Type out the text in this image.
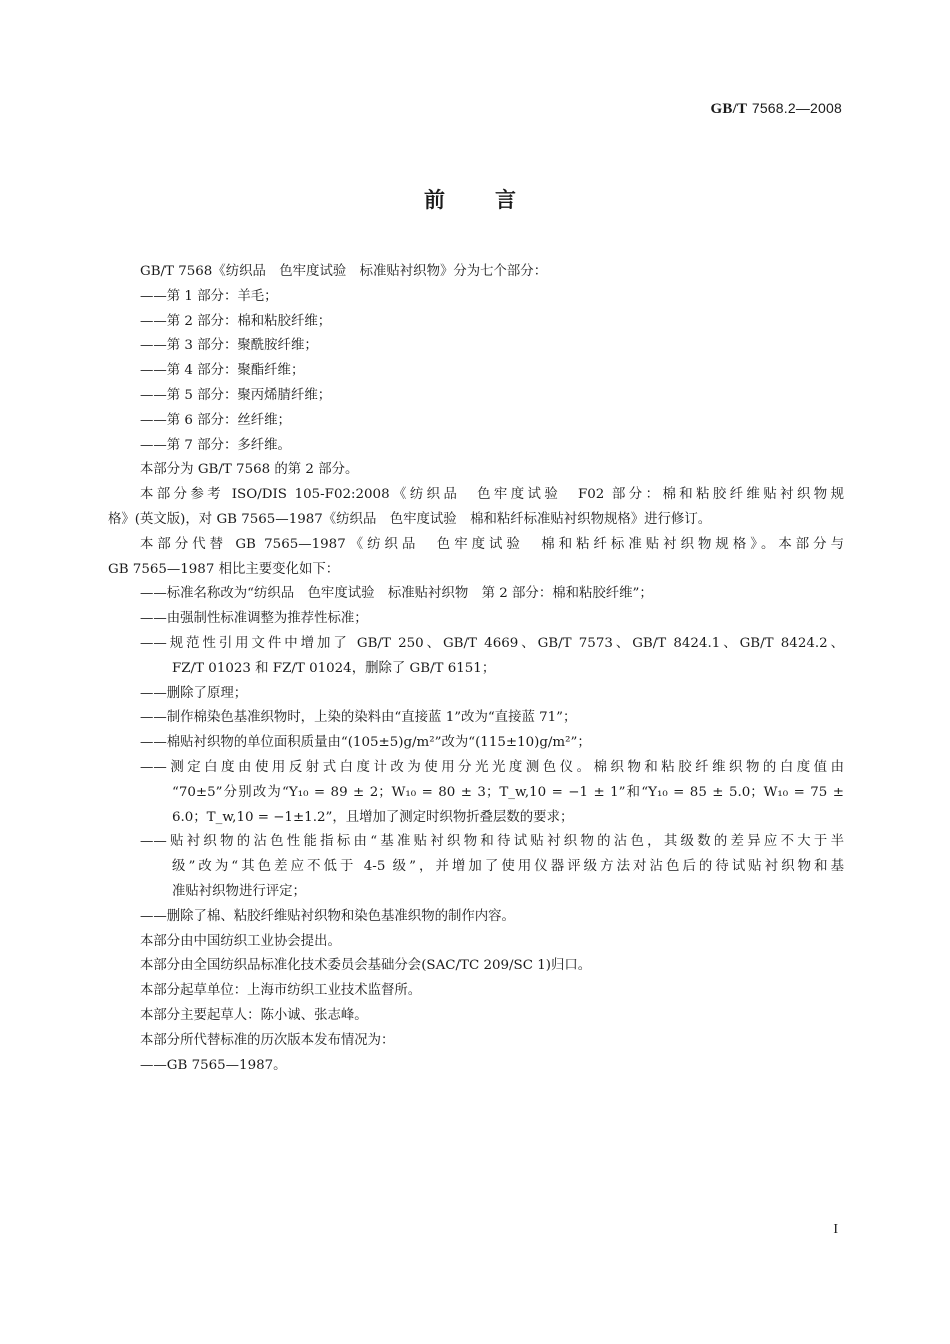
GB/T 7568.2—2008
前言

GB/T 7568《纺织品　色牢度试验　标准贴衬织物》分为七个部分：

——第 1 部分：羊毛；

——第 2 部分：棉和粘胶纤维；

——第 3 部分：聚酰胺纤维；

——第 4 部分：聚酯纤维；

——第 5 部分：聚丙烯腈纤维；

——第 6 部分：丝纤维；

——第 7 部分：多纤维。

本部分为 GB/T 7568 的第 2 部分。

本部分参考 ISO/DIS 105-F02:2008《纺织品　色牢度试验　F02 部分：棉和粘胶纤维贴衬织物规

格》(英文版)，对 GB 7565—1987《纺织品　色牢度试验　棉和粘纤标准贴衬织物规格》进行修订。

本部分代替 GB 7565—1987《纺织品　色牢度试验　棉和粘纤标准贴衬织物规格》。本部分与

GB 7565—1987 相比主要变化如下：

——标准名称改为“纺织品　色牢度试验　标准贴衬织物　第 2 部分：棉和粘胶纤维”；

——由强制性标准调整为推荐性标准；

——规范性引用文件中增加了 GB/T 250、GB/T 4669、GB/T 7573、GB/T 8424.1、GB/T 8424.2、

FZ/T 01023 和 FZ/T 01024，删除了 GB/T 6151；

——删除了原理；

——制作棉染色基准织物时，上染的染料由“直接蓝 1”改为“直接蓝 71”；

——棉贴衬织物的单位面积质量由“(105±5)g/m²”改为“(115±10)g/m²”；

——测定白度由使用反射式白度计改为使用分光光度测色仪。棉织物和粘胶纤维织物的白度值由

“70±5”分别改为“Y₁₀ = 89 ± 2；W₁₀ = 80 ± 3；T_w,10 = −1 ± 1”和“Y₁₀ = 85 ± 5.0；W₁₀ = 75 ±

6.0；T_w,10 = −1±1.2”，且增加了测定时织物折叠层数的要求；

——贴衬织物的沾色性能指标由“基准贴衬织物和待试贴衬织物的沾色，其级数的差异应不大于半

级”改为“其色差应不低于 4-5 级”，并增加了使用仪器评级方法对沾色后的待试贴衬织物和基

准贴衬织物进行评定；

——删除了棉、粘胶纤维贴衬织物和染色基准织物的制作内容。

本部分由中国纺织工业协会提出。

本部分由全国纺织品标准化技术委员会基础分会(SAC/TC 209/SC 1)归口。

本部分起草单位：上海市纺织工业技术监督所。

本部分主要起草人：陈小诚、张志峰。

本部分所代替标准的历次版本发布情况为：

——GB 7565—1987。

I
